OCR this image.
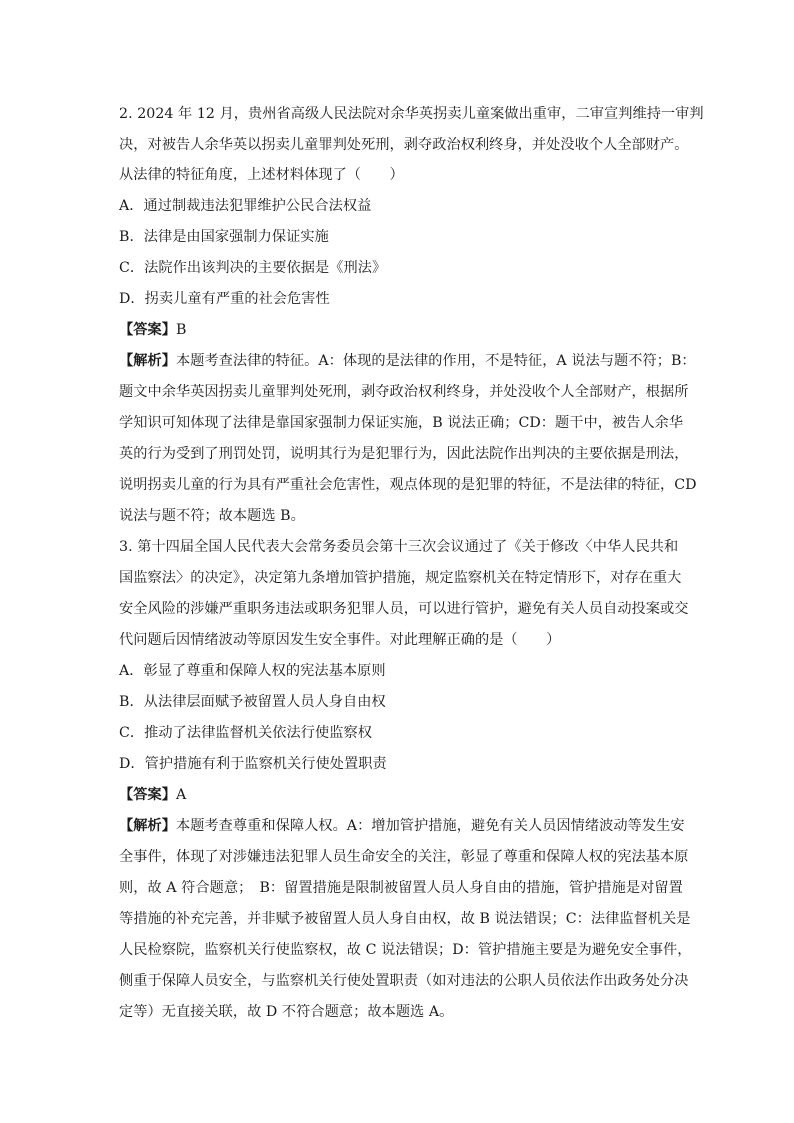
2. 2024 年 12 月，贵州省高级人民法院对余华英拐卖儿童案做出重审，二审宣判维持一审判
决，对被告人余华英以拐卖儿童罪判处死刑，剥夺政治权利终身，并处没收个人全部财产。
从法律的特征角度，上述材料体现了（　　）
A．通过制裁违法犯罪维护公民合法权益
B．法律是由国家强制力保证实施
C．法院作出该判决的主要依据是《刑法》
D．拐卖儿童有严重的社会危害性
【答案】B
【解析】本题考查法律的特征。A：体现的是法律的作用，不是特征，A 说法与题不符；B：
题文中余华英因拐卖儿童罪判处死刑，剥夺政治权利终身，并处没收个人全部财产，根据所
学知识可知体现了法律是靠国家强制力保证实施，B 说法正确；CD：题干中，被告人余华
英的行为受到了刑罚处罚，说明其行为是犯罪行为，因此法院作出判决的主要依据是刑法，
说明拐卖儿童的行为具有严重社会危害性，观点体现的是犯罪的特征，不是法律的特征，CD
说法与题不符；故本题选 B。
3. 第十四届全国人民代表大会常务委员会第十三次会议通过了《关于修改〈中华人民共和
国监察法〉的决定》，决定第九条增加管护措施，规定监察机关在特定情形下，对存在重大
安全风险的涉嫌严重职务违法或职务犯罪人员，可以进行管护，避免有关人员自动投案或交
代问题后因情绪波动等原因发生安全事件。对此理解正确的是（　　）
A．彰显了尊重和保障人权的宪法基本原则
B．从法律层面赋予被留置人员人身自由权
C．推动了法律监督机关依法行使监察权
D．管护措施有利于监察机关行使处置职责
【答案】A
【解析】本题考查尊重和保障人权。A：增加管护措施，避免有关人员因情绪波动等发生安
全事件，体现了对涉嫌违法犯罪人员生命安全的关注，彰显了尊重和保障人权的宪法基本原
则，故 A 符合题意；　B：留置措施是限制被留置人员人身自由的措施，管护措施是对留置
等措施的补充完善，并非赋予被留置人员人身自由权，故 B 说法错误；C：法律监督机关是
人民检察院，监察机关行使监察权，故 C 说法错误；D：管护措施主要是为避免安全事件，
侧重于保障人员安全，与监察机关行使处置职责（如对违法的公职人员依法作出政务处分决
定等）无直接关联，故 D 不符合题意；故本题选 A。
